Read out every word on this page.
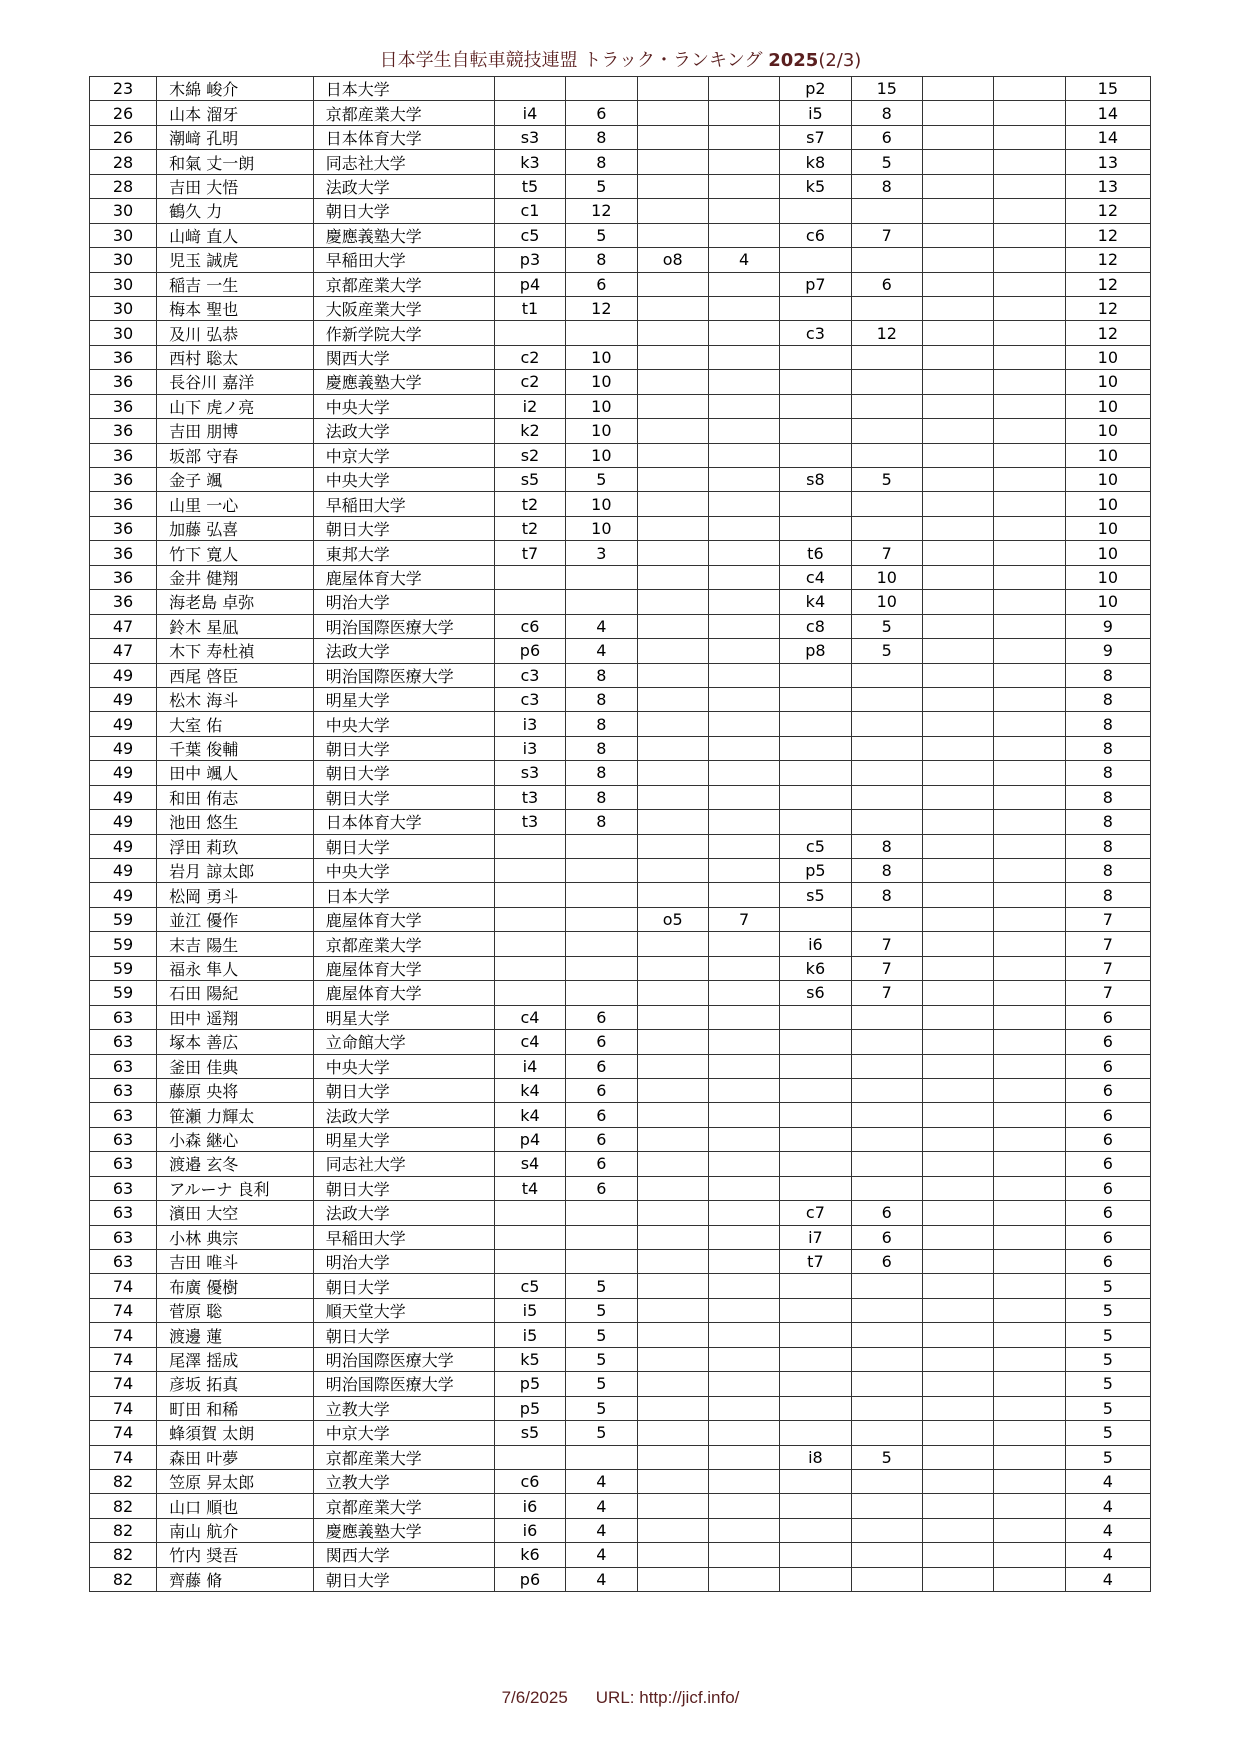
日本学生自転車競技連盟 トラック・ランキング 2025(2/3)
23	木綿 峻介	日本大学					p2	15			15
26	山本 溜牙	京都産業大学	i4	6			i5	8			14
26	潮﨑 孔明	日本体育大学	s3	8			s7	6			14
28	和氣 丈一朗	同志社大学	k3	8			k8	5			13
28	吉田 大悟	法政大学	t5	5			k5	8			13
30	鶴久 力	朝日大学	c1	12							12
30	山﨑 直人	慶應義塾大学	c5	5			c6	7			12
30	児玉 誠虎	早稲田大学	p3	8	o8	4					12
30	稲吉 一生	京都産業大学	p4	6			p7	6			12
30	梅本 聖也	大阪産業大学	t1	12							12
30	及川 弘恭	作新学院大学					c3	12			12
36	西村 聡太	関西大学	c2	10							10
36	長谷川 嘉洋	慶應義塾大学	c2	10							10
36	山下 虎ノ亮	中央大学	i2	10							10
36	吉田 朋博	法政大学	k2	10							10
36	坂部 守春	中京大学	s2	10							10
36	金子 颯	中央大学	s5	5			s8	5			10
36	山里 一心	早稲田大学	t2	10							10
36	加藤 弘喜	朝日大学	t2	10							10
36	竹下 寛人	東邦大学	t7	3			t6	7			10
36	金井 健翔	鹿屋体育大学					c4	10			10
36	海老島 卓弥	明治大学					k4	10			10
47	鈴木 星凪	明治国際医療大学	c6	4			c8	5			9
47	木下 寿杜禎	法政大学	p6	4			p8	5			9
49	西尾 啓臣	明治国際医療大学	c3	8							8
49	松木 海斗	明星大学	c3	8							8
49	大室 佑	中央大学	i3	8							8
49	千葉 俊輔	朝日大学	i3	8							8
49	田中 颯人	朝日大学	s3	8							8
49	和田 侑志	朝日大学	t3	8							8
49	池田 悠生	日本体育大学	t3	8							8
49	浮田 莉玖	朝日大学					c5	8			8
49	岩月 諒太郎	中央大学					p5	8			8
49	松岡 勇斗	日本大学					s5	8			8
59	並江 優作	鹿屋体育大学			o5	7					7
59	末吉 陽生	京都産業大学					i6	7			7
59	福永 隼人	鹿屋体育大学					k6	7			7
59	石田 陽紀	鹿屋体育大学					s6	7			7
63	田中 遥翔	明星大学	c4	6							6
63	塚本 善広	立命館大学	c4	6							6
63	釜田 佳典	中央大学	i4	6							6
63	藤原 央将	朝日大学	k4	6							6
63	笹瀬 力輝太	法政大学	k4	6							6
63	小森 継心	明星大学	p4	6							6
63	渡邉 玄冬	同志社大学	s4	6							6
63	アルーナ 良利	朝日大学	t4	6							6
63	濱田 大空	法政大学					c7	6			6
63	小林 典宗	早稲田大学					i7	6			6
63	吉田 唯斗	明治大学					t7	6			6
74	布廣 優樹	朝日大学	c5	5							5
74	菅原 聡	順天堂大学	i5	5							5
74	渡邊 蓮	朝日大学	i5	5							5
74	尾澤 揺成	明治国際医療大学	k5	5							5
74	彦坂 拓真	明治国際医療大学	p5	5							5
74	町田 和稀	立教大学	p5	5							5
74	蜂須賀 太朗	中京大学	s5	5							5
74	森田 叶夢	京都産業大学					i8	5			5
82	笠原 昇太郎	立教大学	c6	4							4
82	山口 順也	京都産業大学	i6	4							4
82	南山 航介	慶應義塾大学	i6	4							4
82	竹内 奨吾	関西大学	k6	4							4
82	齊藤 脩	朝日大学	p6	4							4
7/6/2025 URL: http://jicf.info/
